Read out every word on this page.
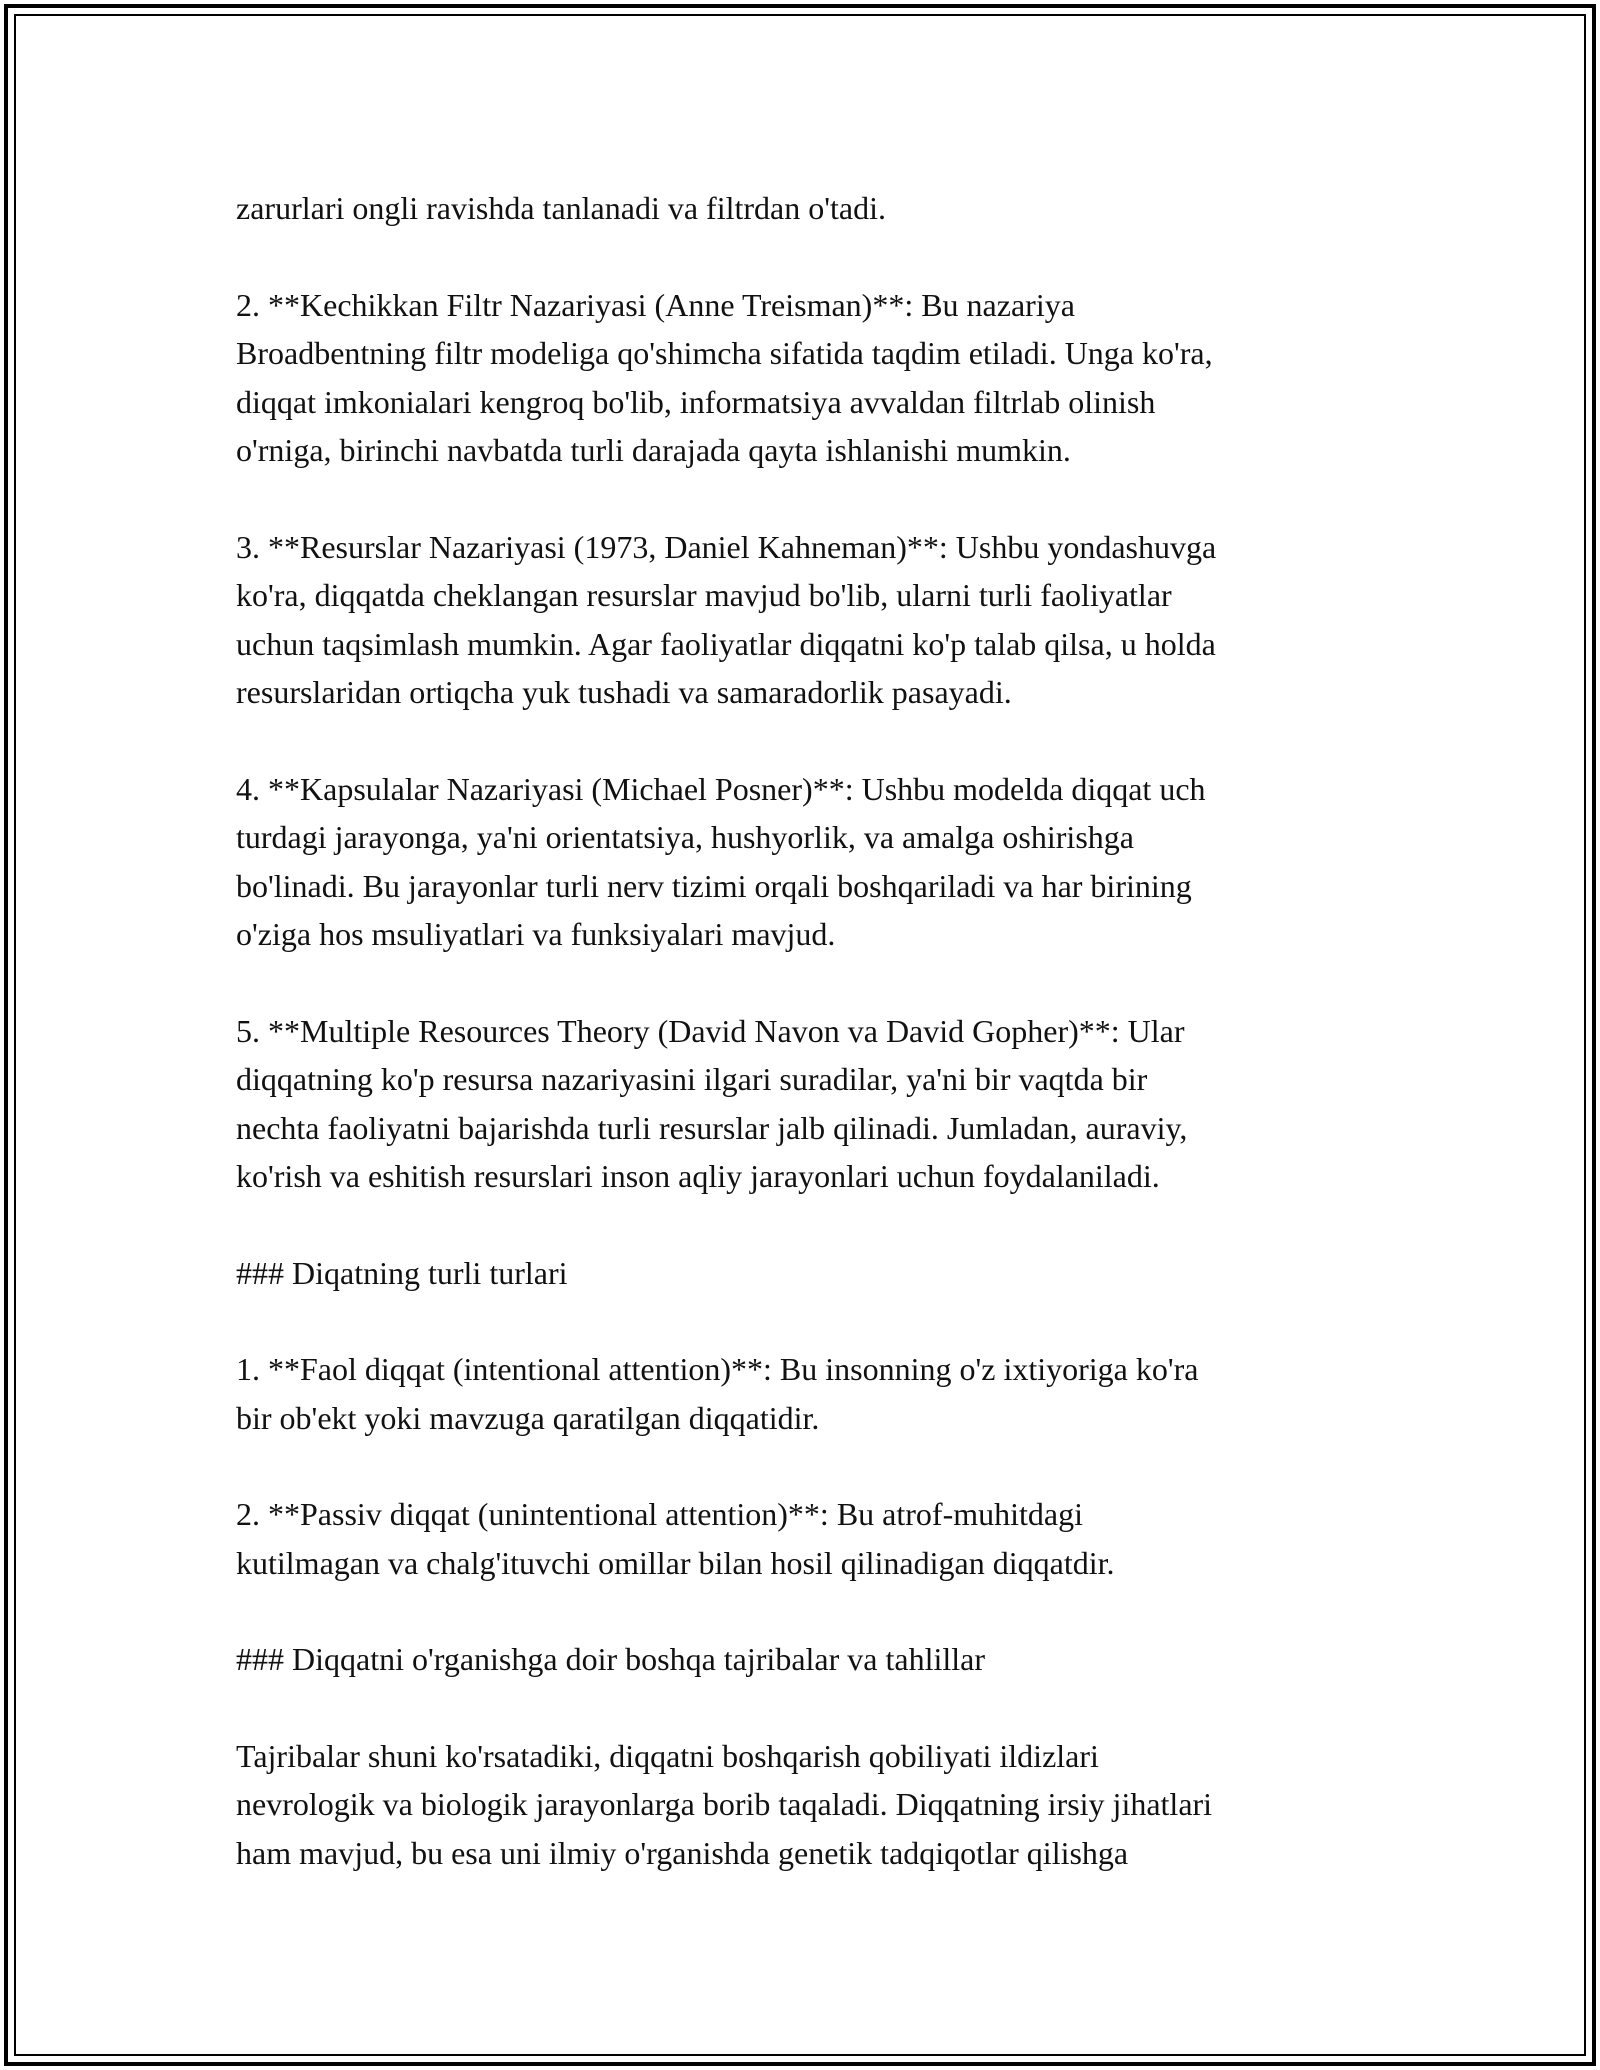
zarurlari ongli ravishda tanlanadi va filtrdan o'tadi.

2. **Kechikkan Filtr Nazariyasi (Anne Treisman)**: Bu nazariya
Broadbentning filtr modeliga qo'shimcha sifatida taqdim etiladi. Unga ko'ra,
diqqat imkonialari kengroq bo'lib, informatsiya avvaldan filtrlab olinish
o'rniga, birinchi navbatda turli darajada qayta ishlanishi mumkin.

3. **Resurslar Nazariyasi (1973, Daniel Kahneman)**: Ushbu yondashuvga
ko'ra, diqqatda cheklangan resurslar mavjud bo'lib, ularni turli faoliyatlar
uchun taqsimlash mumkin. Agar faoliyatlar diqqatni ko'p talab qilsa, u holda
resurslaridan ortiqcha yuk tushadi va samaradorlik pasayadi.

4. **Kapsulalar Nazariyasi (Michael Posner)**: Ushbu modelda diqqat uch
turdagi jarayonga, ya'ni orientatsiya, hushyorlik, va amalga oshirishga
bo'linadi. Bu jarayonlar turli nerv tizimi orqali boshqariladi va har birining
o'ziga hos msuliyatlari va funksiyalari mavjud.

5. **Multiple Resources Theory (David Navon va David Gopher)**: Ular
diqqatning ko'p resursa nazariyasini ilgari suradilar, ya'ni bir vaqtda bir
nechta faoliyatni bajarishda turli resurslar jalb qilinadi. Jumladan, auraviy,
ko'rish va eshitish resurslari inson aqliy jarayonlari uchun foydalaniladi.

### Diqatning turli turlari

1. **Faol diqqat (intentional attention)**: Bu insonning o'z ixtiyoriga ko'ra
bir ob'ekt yoki mavzuga qaratilgan diqqatidir.

2. **Passiv diqqat (unintentional attention)**: Bu atrof-muhitdagi
kutilmagan va chalg'ituvchi omillar bilan hosil qilinadigan diqqatdir.

### Diqqatni o'rganishga doir boshqa tajribalar va tahlillar

Tajribalar shuni ko'rsatadiki, diqqatni boshqarish qobiliyati ildizlari
nevrologik va biologik jarayonlarga borib taqaladi. Diqqatning irsiy jihatlari
ham mavjud, bu esa uni ilmiy o'rganishda genetik tadqiqotlar qilishga
